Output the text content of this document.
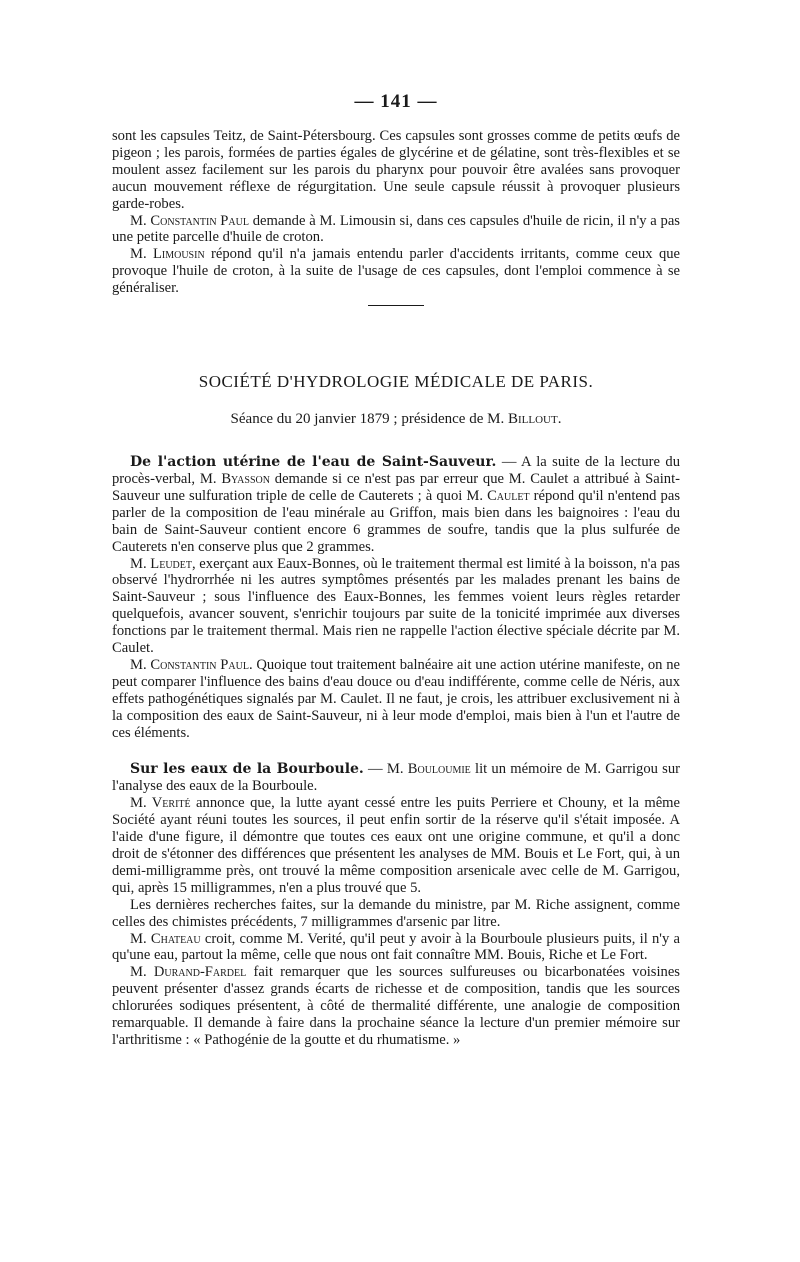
— 141 —

sont les capsules Teitz, de Saint-Pétersbourg. Ces capsules sont grosses comme de petits œufs de pigeon ; les parois, formées de parties égales de glycérine et de gélatine, sont très-flexibles et se moulent assez facilement sur les parois du pharynx pour pouvoir être avalées sans provoquer aucun mouvement réflexe de régurgitation. Une seule capsule réussit à provoquer plusieurs garde-robes.

M. Constantin Paul demande à M. Limousin si, dans ces capsules d'huile de ricin, il n'y a pas une petite parcelle d'huile de croton.

M. Limousin répond qu'il n'a jamais entendu parler d'accidents irritants, comme ceux que provoque l'huile de croton, à la suite de l'usage de ces capsules, dont l'emploi commence à se généraliser.

SOCIÉTÉ D'HYDROLOGIE MÉDICALE DE PARIS.
Séance du 20 janvier 1879 ; présidence de M. Billout.

De l'action utérine de l'eau de Saint-Sauveur. — A la suite de la lecture du procès-verbal, M. Byasson demande si ce n'est pas par erreur que M. Caulet a attribué à Saint-Sauveur une sulfuration triple de celle de Cauterets ; à quoi M. Caulet répond qu'il n'entend pas parler de la composition de l'eau minérale au Griffon, mais bien dans les baignoires : l'eau du bain de Saint-Sauveur contient encore 6 grammes de soufre, tandis que la plus sulfurée de Cauterets n'en conserve plus que 2 grammes.

M. Leudet, exerçant aux Eaux-Bonnes, où le traitement thermal est limité à la boisson, n'a pas observé l'hydrorrhée ni les autres symptômes présentés par les malades prenant les bains de Saint-Sauveur ; sous l'influence des Eaux-Bonnes, les femmes voient leurs règles retarder quelquefois, avancer souvent, s'enrichir toujours par suite de la tonicité imprimée aux diverses fonctions par le traitement thermal. Mais rien ne rappelle l'action élective spéciale décrite par M. Caulet.

M. Constantin Paul. Quoique tout traitement balnéaire ait une action utérine manifeste, on ne peut comparer l'influence des bains d'eau douce ou d'eau indifférente, comme celle de Néris, aux effets pathogénétiques signalés par M. Caulet. Il ne faut, je crois, les attribuer exclusivement ni à la composition des eaux de Saint-Sauveur, ni à leur mode d'emploi, mais bien à l'un et l'autre de ces éléments.

Sur les eaux de la Bourboule. — M. Bouloumie lit un mémoire de M. Garrigou sur l'analyse des eaux de la Bourboule.

M. Verité annonce que, la lutte ayant cessé entre les puits Perriere et Chouny, et la même Société ayant réuni toutes les sources, il peut enfin sortir de la réserve qu'il s'était imposée. A l'aide d'une figure, il démontre que toutes ces eaux ont une origine commune, et qu'il a donc droit de s'étonner des différences que présentent les analyses de MM. Bouis et Le Fort, qui, à un demi-milligramme près, ont trouvé la même composition arsenicale avec celle de M. Garrigou, qui, après 15 milligrammes, n'en a plus trouvé que 5.

Les dernières recherches faites, sur la demande du ministre, par M. Riche assignent, comme celles des chimistes précédents, 7 milligrammes d'arsenic par litre.

M. Chateau croit, comme M. Verité, qu'il peut y avoir à la Bourboule plusieurs puits, il n'y a qu'une eau, partout la même, celle que nous ont fait connaître MM. Bouis, Riche et Le Fort.

M. Durand-Fardel fait remarquer que les sources sulfureuses ou bicarbonatées voisines peuvent présenter d'assez grands écarts de richesse et de composition, tandis que les sources chlorurées sodiques présentent, à côté de thermalité différente, une analogie de composition remarquable. Il demande à faire dans la prochaine séance la lecture d'un premier mémoire sur l'arthritisme : « Pathogénie de la goutte et du rhumatisme. »
